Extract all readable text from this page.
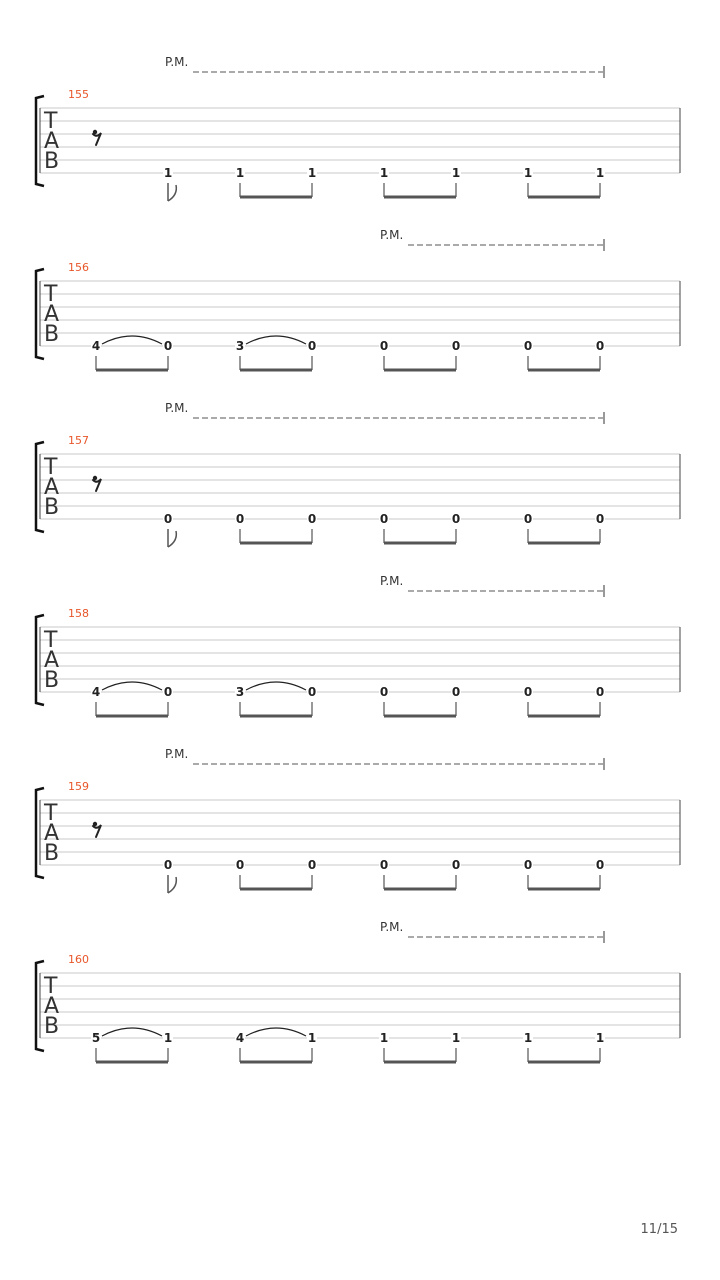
P.M.
155
T
A
B	1	1	1	1	1	1	1
P.M.
156
T
A
B	4	0	3	0	0	0	0	0
P.M.
157
T
A
B	0	0	0	0	0	0	0
P.M.
158
T
A
B	4	0	3	0	0	0	0	0
P.M.
159
T
A
B	0	0	0	0	0	0	0
P.M.
160
T
A
B	5	1	4	1	1	1	1	1
11/15
